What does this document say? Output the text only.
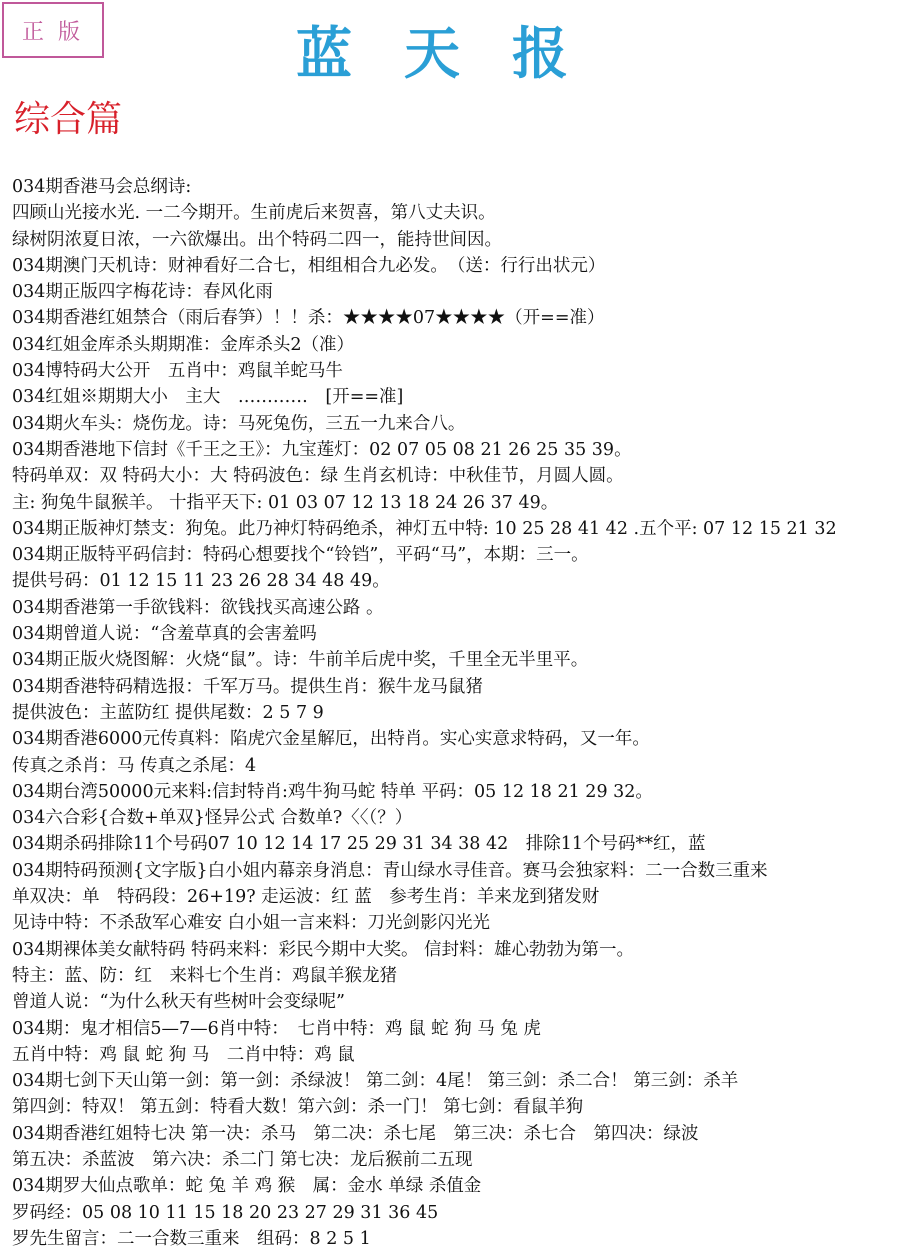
正版	蓝天报
综合篇
034期香港马会总纲诗:
四顾山光接水光. 一二今期开。生前虎后来贺喜，第八丈夫识。
绿树阴浓夏日浓，一六欲爆出。出个特码二四一，能持世间因。
034期澳门天机诗：财神看好二合七，相组相合九必发。　（送：行行出状元）
034期正版四字梅花诗：春风化雨
034期香港红姐禁合（雨后春笋）！！杀：★★★★07★★★★（开==准）
034红姐金库杀头期期准：金库杀头2（准）
034博特码大公开　五肖中：鸡鼠羊蛇马牛
034红姐※期期大小　主大　…………　[开==准]
034期火车头：烧伤龙。诗：马死兔伤，三五一九来合八。
034期香港地下信封《千王之王》：九宝莲灯：02 07 05 08 21 26 25 35 39。
特码单双：双 特码大小：大 特码波色：绿 生肖玄机诗：中秋佳节，月圆人圆。
主: 狗兔牛鼠猴羊。 十指平天下: 01 03 07 12 13 18 24 26 37 49。
034期正版神灯禁支：狗兔。此乃神灯特码绝杀，神灯五中特: 10 25 28 41 42 .五个平: 07 12 15 21 32
034期正版特平码信封：特码心想要找个“铃铛”，平码“马”，本期：三一。
提供号码：01 12 15 11 23 26 28 34 48 49。
034期香港第一手欲钱料：欲钱找买高速公路 。
034期曾道人说：“含羞草真的会害羞吗
034期正版火烧图解：火烧“鼠”。诗：牛前羊后虎中奖，千里全无半里平。
034期香港特码精选报：千军万马。提供生肖：猴牛龙马鼠猪
提供波色：主蓝防红 提供尾数：2 5 7 9
034期香港6000元传真料：陷虎穴金星解厄，出特肖。实心实意求特码，又一年。
传真之杀肖：马 传真之杀尾：4
034期台湾50000元来料:信封特肖:鸡牛狗马蛇 特单 平码：05 12 18 21 29 32。
034六合彩{合数+单双}怪异公式 合数单?〈〈（？）
034期杀码排除11个号码07 10 12 14 17 25 29 31 34 38 42　排除11个号码**红，蓝
034期特码预测{文字版}白小姐内幕亲身消息：青山绿水寻佳音。赛马会独家料：二一合数三重来
单双决：单　特码段：26+19? 走运波：红 蓝　参考生肖：羊来龙到猪发财
见诗中特：不杀敌军心难安 白小姐一言来料：刀光剑影闪光光
034期裸体美女献特码 特码来料：彩民今期中大奖。 信封料：雄心勃勃为第一。
特主：蓝、防：红　来料七个生肖：鸡鼠羊猴龙猪
曾道人说：“为什么秋天有些树叶会变绿呢”
034期：鬼才相信5—7—6肖中特：　七肖中特：鸡 鼠 蛇 狗 马 兔 虎
五肖中特：鸡 鼠 蛇 狗 马　二肖中特：鸡 鼠
034期七剑下天山第一剑：第一剑：杀绿波！ 第二剑：4尾！ 第三剑：杀二合！ 第三剑：杀羊
第四剑：特双！ 第五剑：特看大数！第六剑：杀一门！ 第七剑：看鼠羊狗
034期香港红姐特七决 第一决：杀马　第二决：杀七尾　第三决：杀七合　第四决：绿波
第五决：杀蓝波　第六决：杀二门 第七决：龙后猴前二五现
034期罗大仙点歌单：蛇 兔 羊 鸡 猴　属：金水 单绿 杀值金
罗码经：05 08 10 11 15 18 20 23 27 29 31 36 45
罗先生留言：二一合数三重来　组码：8 2 5 1
